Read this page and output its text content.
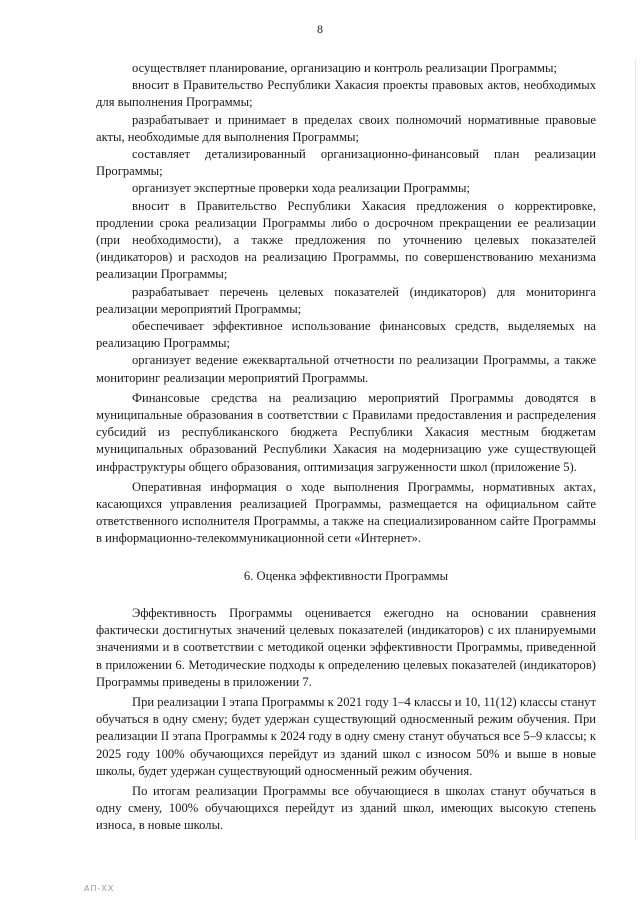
8

осуществляет планирование, организацию и контроль реализации Программы;

вносит в Правительство Республики Хакасия проекты правовых актов, необходимых для выполнения Программы;

разрабатывает и принимает в пределах своих полномочий нормативные правовые акты, необходимые для выполнения Программы;

составляет детализированный организационно-финансовый план реализации Программы;

организует экспертные проверки хода реализации Программы;

вносит в Правительство Республики Хакасия предложения о корректировке, продлении срока реализации Программы либо о досрочном прекращении ее реализации (при необходимости), а также предложения по уточнению целевых показателей (индикаторов) и расходов на реализацию Программы, по совершенствованию механизма реализации Программы;

разрабатывает перечень целевых показателей (индикаторов) для мониторинга реализации мероприятий Программы;

обеспечивает эффективное использование финансовых средств, выделяемых на реализацию Программы;

организует ведение ежеквартальной отчетности по реализации Программы, а также мониторинг реализации мероприятий Программы.

Финансовые средства на реализацию мероприятий Программы доводятся в муниципальные образования в соответствии с Правилами предоставления и распределения субсидий из республиканского бюджета Республики Хакасия местным бюджетам муниципальных образований Республики Хакасия на модернизацию уже существующей инфраструктуры общего образования, оптимизация загруженности школ (приложение 5).

Оперативная информация о ходе выполнения Программы, нормативных актах, касающихся управления реализацией Программы, размещается на официальном сайте ответственного исполнителя Программы, а также на специализированном сайте Программы в информационно-телекоммуникационной сети «Интернет».

6. Оценка эффективности Программы

Эффективность Программы оценивается ежегодно на основании сравнения фактически достигнутых значений целевых показателей (индикаторов) с их планируемыми значениями и в соответствии с методикой оценки эффективности Программы, приведенной в приложении 6. Методические подходы к определению целевых показателей (индикаторов) Программы приведены в приложении 7.

При реализации I этапа Программы к 2021 году 1–4 классы и 10, 11(12) классы станут обучаться в одну смену; будет удержан существующий односменный режим обучения. При реализации II этапа Программы к 2024 году в одну смену станут обучаться все 5–9 классы; к 2025 году 100% обучающихся перейдут из зданий школ с износом 50% и выше в новые школы, будет удержан существующий односменный режим обучения.

По итогам реализации Программы все обучающиеся в школах станут обучаться в одну смену, 100% обучающихся перейдут из зданий школ, имеющих высокую степень износа, в новые школы.

АП-ХХ
